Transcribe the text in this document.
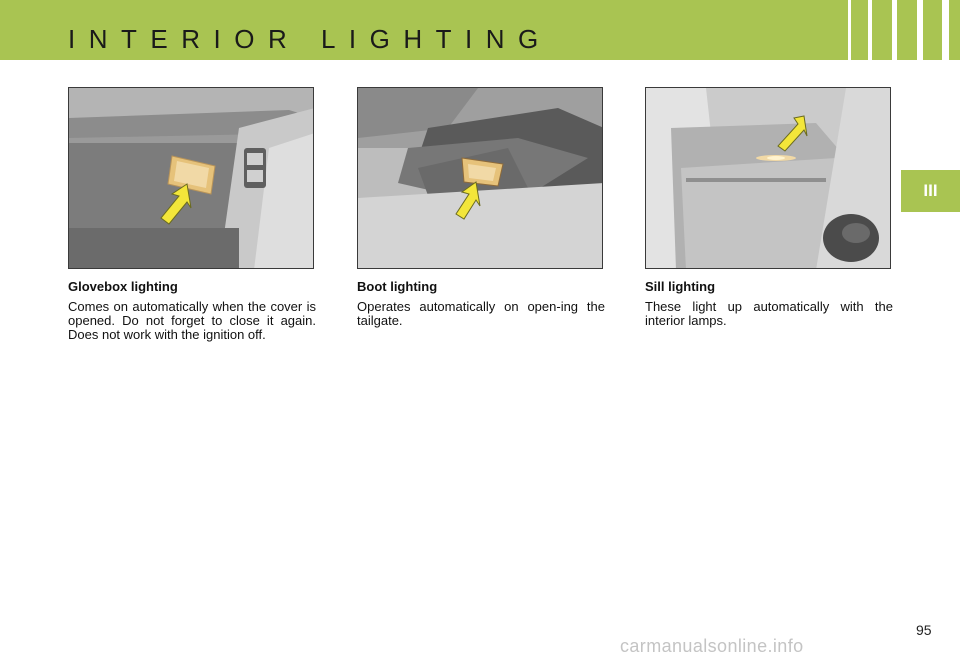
INTERIOR LIGHTING
III
Glovebox lighting

Comes on automatically when the cover is opened. Do not forget to close it again. Does not work with the ignition off.

Boot lighting

Operates automatically on open-ing the tailgate.

Sill lighting

These light up automatically with the interior lamps.

95
carmanualsonline.info
